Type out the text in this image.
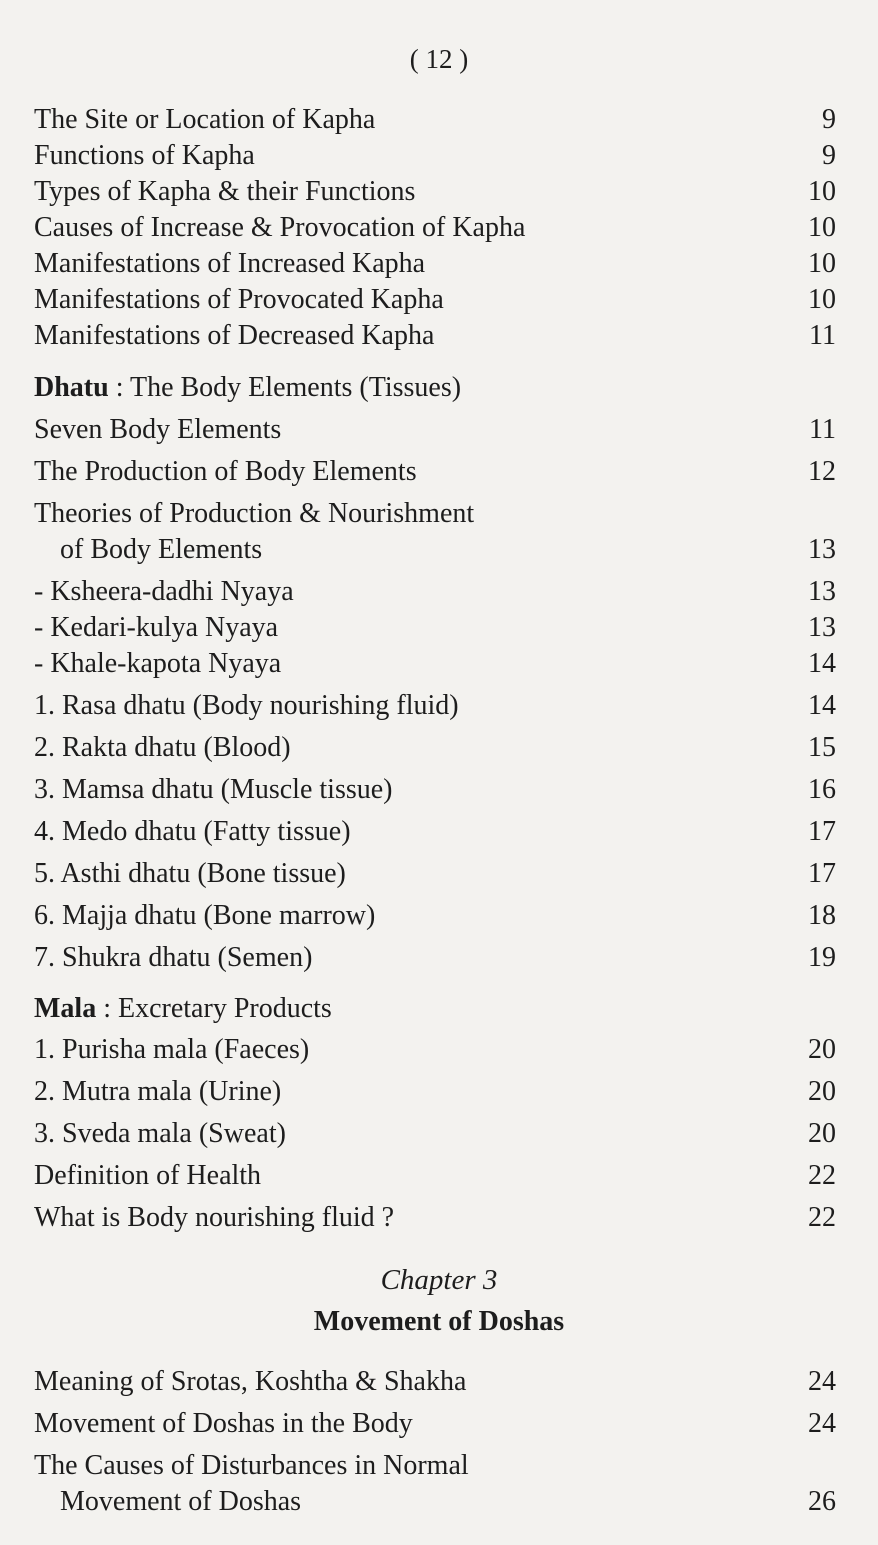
( 12 )
The Site or Location of Kapha	9
Functions of Kapha	9
Types of Kapha & their Functions	10
Causes of Increase & Provocation of Kapha	10
Manifestations of Increased Kapha	10
Manifestations of Provocated Kapha	10
Manifestations of Decreased Kapha	11
Dhatu : The Body Elements (Tissues)
Seven Body Elements	11
The Production of Body Elements	12
Theories of Production & Nourishment
of Body Elements	13
- Ksheera-dadhi Nyaya	13
- Kedari-kulya Nyaya	13
- Khale-kapota Nyaya	14
1. Rasa dhatu (Body nourishing fluid)	14
2. Rakta dhatu (Blood)	15
3. Mamsa dhatu (Muscle tissue)	16
4. Medo dhatu (Fatty tissue)	17
5. Asthi dhatu (Bone tissue)	17
6. Majja dhatu (Bone marrow)	18
7. Shukra dhatu (Semen)	19
Mala : Excretary Products
1. Purisha mala (Faeces)	20
2. Mutra mala (Urine)	20
3. Sveda mala (Sweat)	20
Definition of Health	22
What is Body nourishing fluid ?	22
Chapter 3
Movement of Doshas
Meaning of Srotas, Koshtha & Shakha	24
Movement of Doshas in the Body	24
The Causes of Disturbances in Normal
Movement of Doshas	26
